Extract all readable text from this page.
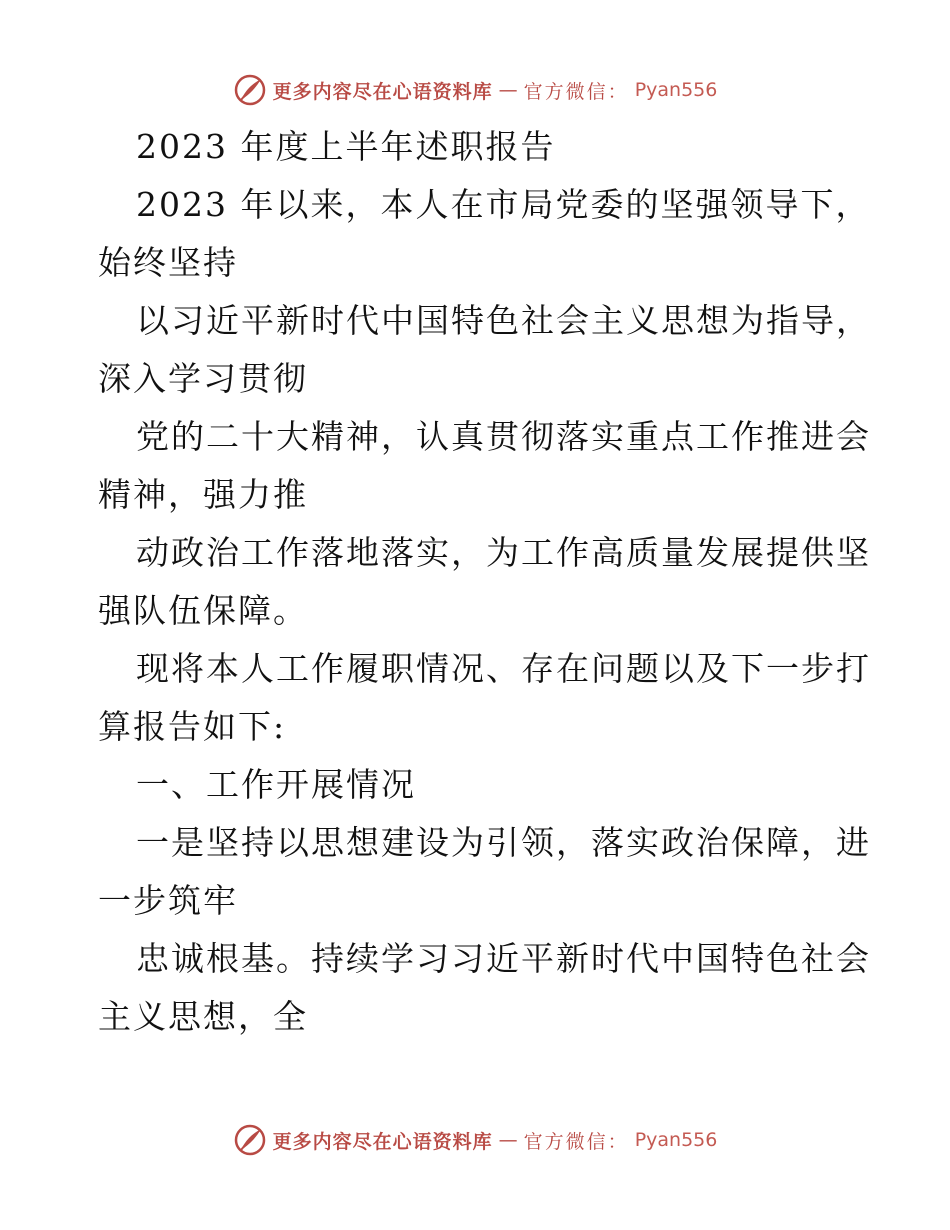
更多内容尽在心语资料库 — 官方微信： Pyan556
2023 年度上半年述职报告
2023 年以来，本人在市局党委的坚强领导下，
始终坚持
以习近平新时代中国特色社会主义思想为指导，
深入学习贯彻
党的二十大精神，认真贯彻落实重点工作推进会
精神，强力推
动政治工作落地落实，为工作高质量发展提供坚
强队伍保障。
现将本人工作履职情况、存在问题以及下一步打
算报告如下:
一、工作开展情况
一是坚持以思想建设为引领，落实政治保障，进
一步筑牢
忠诚根基。持续学习习近平新时代中国特色社会
主义思想，全
更多内容尽在心语资料库 — 官方微信： Pyan556
